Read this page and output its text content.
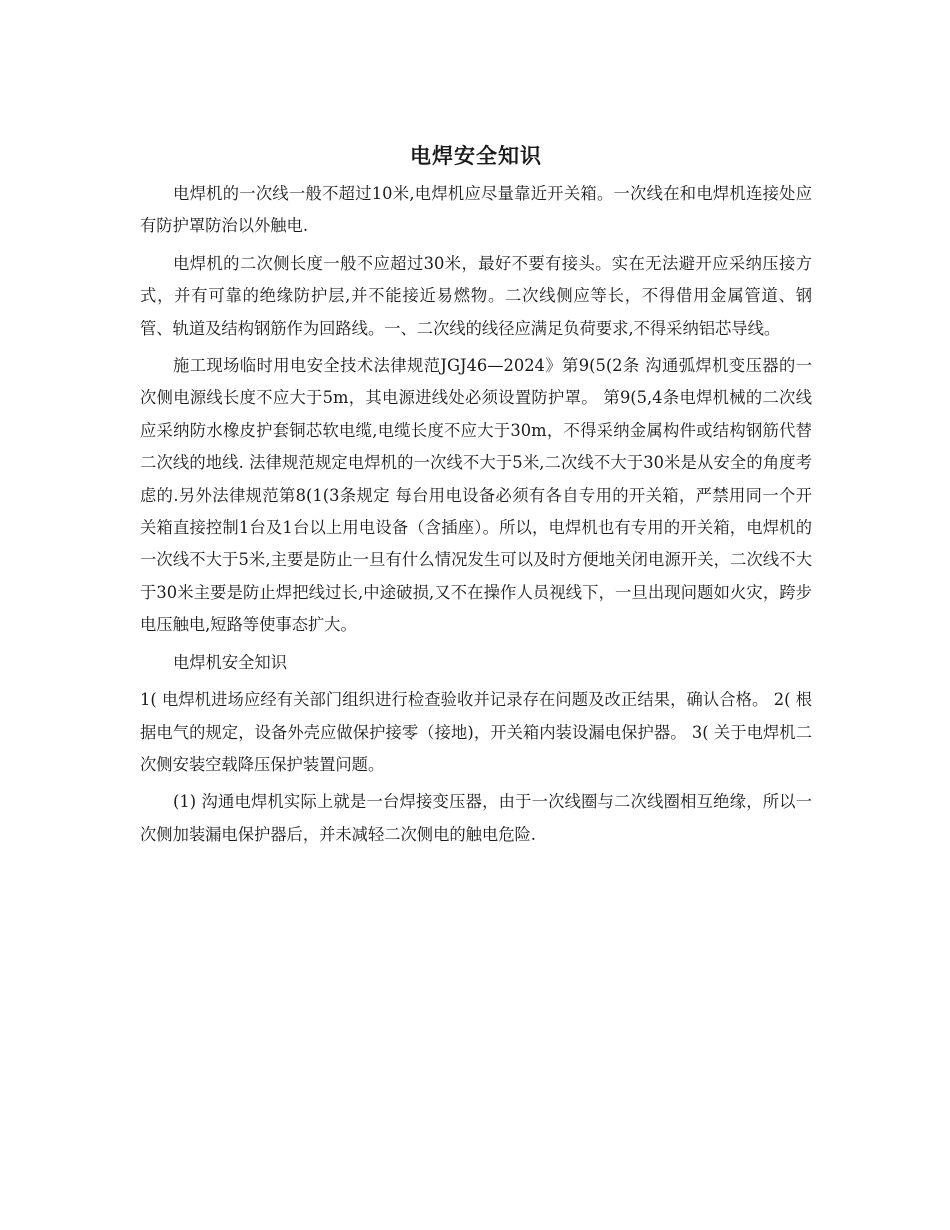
电焊安全知识

电焊机的一次线一般不超过10米,电焊机应尽量靠近开关箱。一次线在和电焊机连接处应有防护罩防治以外触电.

电焊机的二次侧长度一般不应超过30米，最好不要有接头。实在无法避开应采纳压接方式，并有可靠的绝缘防护层,并不能接近易燃物。二次线侧应等长，不得借用金属管道、钢管、轨道及结构钢筋作为回路线。一、二次线的线径应满足负荷要求,不得采纳铝芯导线。

施工现场临时用电安全技术法律规范JGJ46—2024》第9(5(2条 沟通弧焊机变压器的一次侧电源线长度不应大于5m，其电源进线处必须设置防护罩。 第9(5,4条电焊机械的二次线应采纳防水橡皮护套铜芯软电缆,电缆长度不应大于30m，不得采纳金属构件或结构钢筋代替二次线的地线. 法律规范规定电焊机的一次线不大于5米,二次线不大于30米是从安全的角度考虑的.另外法律规范第8(1(3条规定 每台用电设备必须有各自专用的开关箱，严禁用同一个开关箱直接控制1台及1台以上用电设备（含插座）。所以，电焊机也有专用的开关箱，电焊机的一次线不大于5米,主要是防止一旦有什么情况发生可以及时方便地关闭电源开关，二次线不大于30米主要是防止焊把线过长,中途破损,又不在操作人员视线下，一旦出现问题如火灾，跨步电压触电,短路等使事态扩大。

电焊机安全知识

1( 电焊机进场应经有关部门组织进行检查验收并记录存在问题及改正结果，确认合格。 2( 根据电气的规定，设备外壳应做保护接零（接地)，开关箱内装设漏电保护器。 3( 关于电焊机二次侧安装空载降压保护装置问题。

(1) 沟通电焊机实际上就是一台焊接变压器，由于一次线圈与二次线圈相互绝缘，所以一次侧加装漏电保护器后，并未减轻二次侧电的触电危险.
